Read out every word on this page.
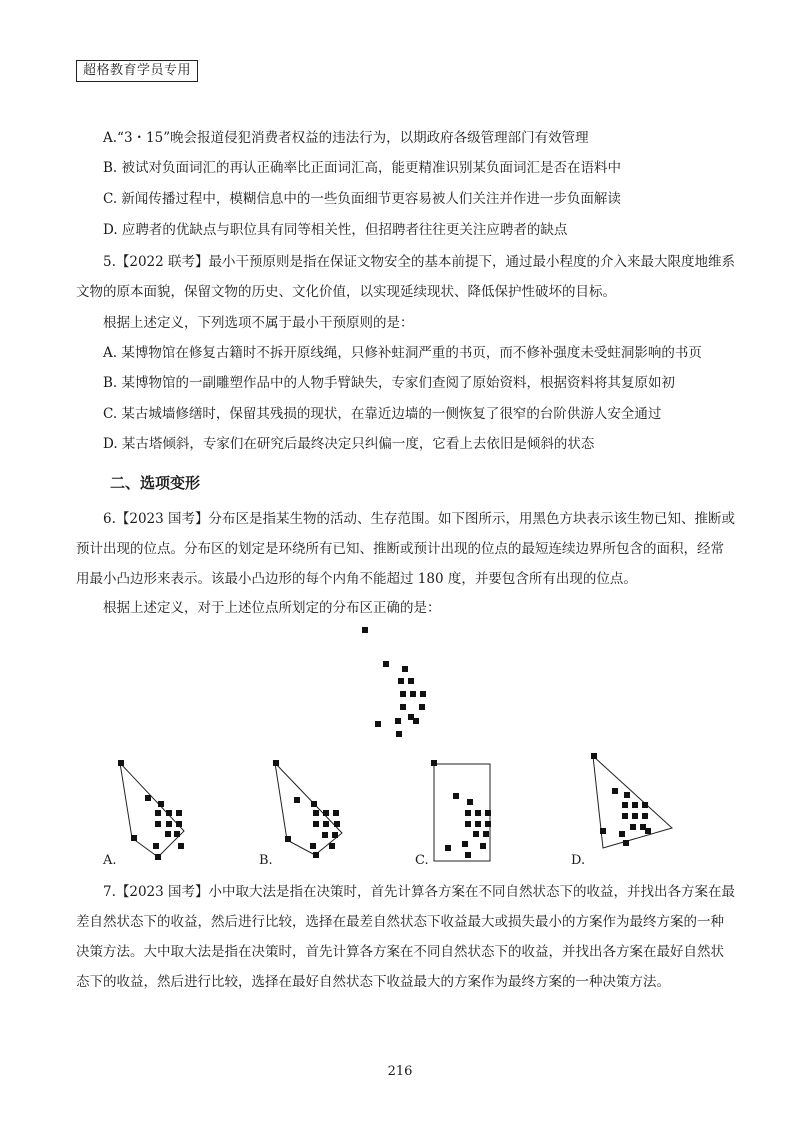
超格教育学员专用
A.“3・15”晚会报道侵犯消费者权益的违法行为，以期政府各级管理部门有效管理
B. 被试对负面词汇的再认正确率比正面词汇高，能更精准识别某负面词汇是否在语料中
C. 新闻传播过程中，模糊信息中的一些负面细节更容易被人们关注并作进一步负面解读
D. 应聘者的优缺点与职位具有同等相关性，但招聘者往往更关注应聘者的缺点
5.【2022 联考】最小干预原则是指在保证文物安全的基本前提下，通过最小程度的介入来最大限度地维系
文物的原本面貌，保留文物的历史、文化价值，以实现延续现状、降低保护性破坏的目标。
根据上述定义，下列选项不属于最小干预原则的是：
A. 某博物馆在修复古籍时不拆开原线绳，只修补蛀洞严重的书页，而不修补强度未受蛀洞影响的书页
B. 某博物馆的一副雕塑作品中的人物手臂缺失，专家们查阅了原始资料，根据资料将其复原如初
C. 某古城墙修缮时，保留其残损的现状，在靠近边墙的一侧恢复了很窄的台阶供游人安全通过
D. 某古塔倾斜，专家们在研究后最终决定只纠偏一度，它看上去依旧是倾斜的状态
二、选项变形
6.【2023 国考】分布区是指某生物的活动、生存范围。如下图所示，用黑色方块表示该生物已知、推断或
预计出现的位点。分布区的划定是环绕所有已知、推断或预计出现的位点的最短连续边界所包含的面积，经常
用最小凸边形来表示。该最小凸边形的每个内角不能超过 180 度，并要包含所有出现的位点。
根据上述定义，对于上述位点所划定的分布区正确的是：
A.	B.	C.	D.
7.【2023 国考】小中取大法是指在决策时，首先计算各方案在不同自然状态下的收益，并找出各方案在最
差自然状态下的收益，然后进行比较，选择在最差自然状态下收益最大或损失最小的方案作为最终方案的一种
决策方法。大中取大法是指在决策时，首先计算各方案在不同自然状态下的收益，并找出各方案在最好自然状
态下的收益，然后进行比较，选择在最好自然状态下收益最大的方案作为最终方案的一种决策方法。
216
